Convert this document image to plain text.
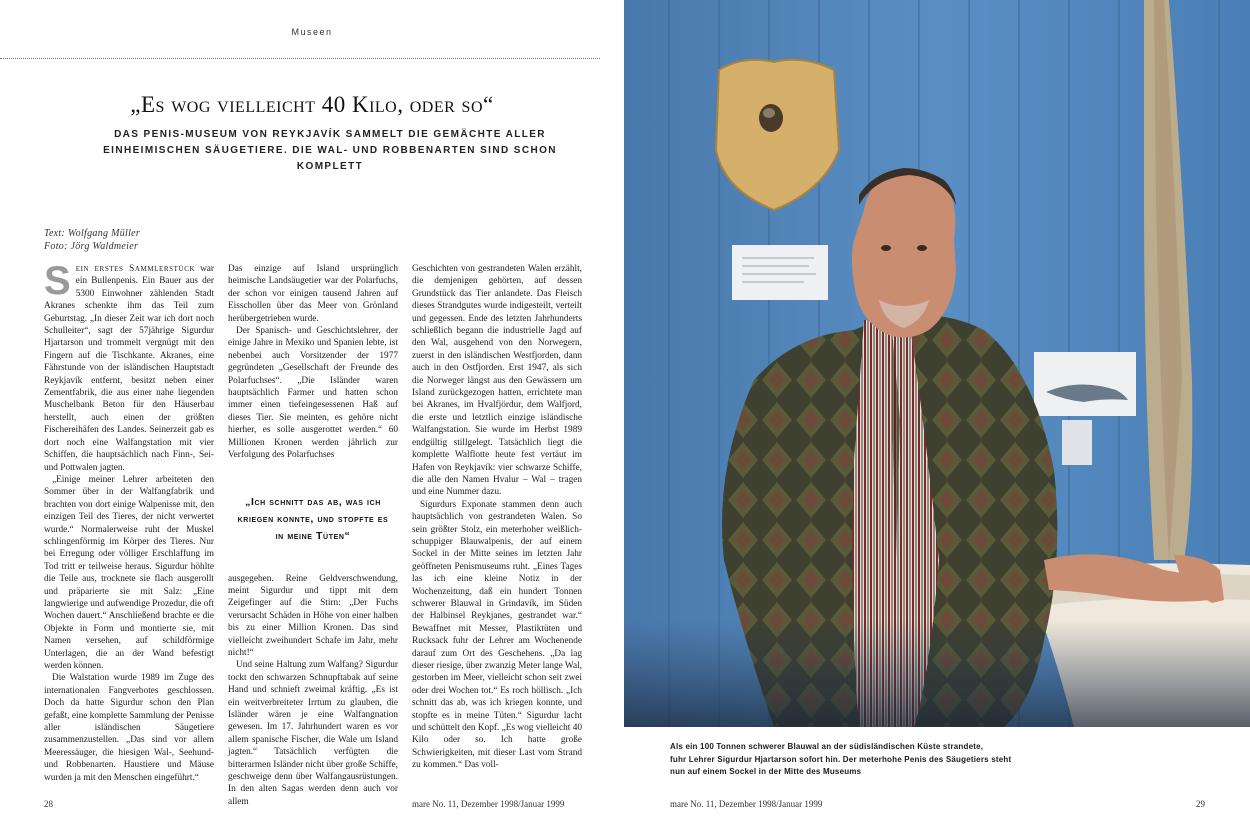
Museen
„Es wog vielleicht 40 Kilo, oder so“
DAS PENIS-MUSEUM VON REYKJAVÍK SAMMELT DIE GEMÄCHTE ALLER EINHEIMISCHEN SÄUGETIERE. DIE WAL- UND ROBBENARTEN SIND SCHON KOMPLETT
Text: Wolfgang Müller
Foto: Jörg Waldmeier

Sein erstes Sammlerstück war ein Bullenpenis. Ein Bauer aus der 5300 Einwohner zählenden Stadt Akranes schenkte ihm das Teil zum Geburtstag. „In dieser Zeit war ich dort noch Schulleiter“, sagt der 57jährige Sigurdur Hjartarson und trommelt vergnügt mit den Fingern auf die Tischkante. Akranes, eine Fährstunde von der isländischen Hauptstadt Reykjavík entfernt, besitzt neben einer Zementfabrik, die aus einer nahe liegenden Muschelbank Beton für den Häuserbau herstellt, auch einen der größten Fischereihäfen des Landes. Seinerzeit gab es dort noch eine Walfangstation mit vier Schiffen, die hauptsächlich nach Finn-, Sei- und Pottwalen jagten.

„Einige meiner Lehrer arbeiteten den Sommer über in der Walfangfabrik und brachten von dort einige Walpenisse mit, den einzigen Teil des Tieres, der nicht verwertet wurde.“ Normalerweise ruht der Muskel schlingenförmig im Körper des Tieres. Nur bei Erregung oder völliger Erschlaffung im Tod tritt er teilweise heraus. Sigurdur höhlte die Teile aus, trocknete sie flach ausgerollt und präparierte sie mit Salz: „Eine langwierige und aufwendige Prozedur, die oft Wochen dauert.“ Anschließend brachte er die Objekte in Form und montierte sie, mit Namen versehen, auf schildförmige Unterlagen, die an der Wand befestigt werden können.

Die Walstation wurde 1989 im Zuge des internationalen Fangverbotes geschlossen. Doch da hatte Sigurdur schon den Plan gefaßt, eine komplette Sammlung der Penisse aller isländischen Säugetiere zusammenzustellen. „Das sind vor allem Meeressäuger, die hiesigen Wal-, Seehund- und Robbenarten. Haustiere und Mäuse wurden ja mit den Menschen eingeführt.“

Das einzige auf Island ursprünglich heimische Landsäugetier war der Polarfuchs, der schon vor einigen tausend Jahren auf Eisschollen über das Meer von Grönland herübergetrieben wurde.

Der Spanisch- und Geschichtslehrer, der einige Jahre in Mexiko und Spanien lebte, ist nebenbei auch Vorsitzender der 1977 gegründeten „Gesellschaft der Freunde des Polarfuchses“. „Die Isländer waren hauptsächlich Farmer und hatten schon immer einen tiefeingesessenen Haß auf dieses Tier. Sie meinten, es gehöre nicht hierher, es solle ausgerottet werden.“ 60 Millionen Kronen werden jährlich zur Verfolgung des Polarfuchses

„Ich schnitt das ab, was ich kriegen konnte, und stopfte es in meine Tüten“

ausgegeben. Reine Geldverschwendung, meint Sigurdur und tippt mit dem Zeigefinger auf die Stirn: „Der Fuchs verursacht Schäden in Höhe von einer halben bis zu einer Million Kronen. Das sind vielleicht zweihundert Schafe im Jahr, mehr nicht!“

Und seine Haltung zum Walfang? Sigurdur tockt den schwarzen Schnupftabak auf seine Hand und schnieft zweimal kräftig. „Es ist ein weitverbreiteter Irrtum zu glauben, die Isländer wären je eine Walfangnation gewesen. Im 17. Jahrhundert waren es vor allem spanische Fischer, die Wale um Island jagten.“ Tatsächlich verfügten die bitterarmen Isländer nicht über große Schiffe, geschweige denn über Walfangausrüstungen. In den alten Sagas werden denn auch vor allem

Geschichten von gestrandeten Walen erzählt, die demjenigen gehörten, auf dessen Grundstück das Tier anlandete. Das Fleisch dieses Strandgutes wurde indigesteilt, verteilt und gegessen. Ende des letzten Jahrhunderts schließlich begann die industrielle Jagd auf den Wal, ausgehend von den Norwegern, zuerst in den isländischen Westfjorden, dann auch in den Ostfjorden. Erst 1947, als sich die Norweger längst aus den Gewässern um Island zurückgezogen hatten, errichtete man bei Akranes, im Hvalfjördur, dem Walfjord, die erste und letztlich einzige isländische Walfangstation. Sie wurde im Herbst 1989 endgültig stillgelegt. Tatsächlich liegt die komplette Walflotte heute fest vertäut im Hafen von Reykjavík: vier schwarze Schiffe, die alle den Namen Hvalur – Wal – tragen und eine Nummer dazu.

Sigurdurs Exponate stammen denn auch hauptsächlich von gestrandeten Walen. So sein größter Stolz, ein meterhoher weißlich-schuppiger Blauwalpenis, der auf einem Sockel in der Mitte seines im letzten Jahr geöffneten Penismuseums ruht. „Eines Tages las ich eine kleine Notiz in der Wochenzeitung, daß ein hundert Tonnen schwerer Blauwal in Grindavík, im Süden der Halbinsel Reykjanes, gestrandet war.“ Bewaffnet mit Messer, Plastiktüten und Rucksack fuhr der Lehrer am Wochenende darauf zum Ort des Geschehens. „Da lag dieser riesige, über zwanzig Meter lange Wal, gestorben im Meer, vielleicht schon seit zwei oder drei Wochen tot.“ Es roch höllisch. „Ich schnitt das ab, was ich kriegen konnte, und stopfte es in meine Tüten.“ Sigurdur lacht und schüttelt den Kopf. „Es wog vielleicht 40 Kilo oder so. Ich hatte große Schwierigkeiten, mit dieser Last vom Strand zu kommen.“ Das voll-

28	mare No. 11, Dezember 1998/Januar 1999
Als ein 100 Tonnen schwerer Blauwal an der südisländischen Küste strandete,
fuhr Lehrer Sigurdur Hjartarson sofort hin. Der meterhohe Penis des Säugetiers steht
nun auf einem Sockel in der Mitte des Museums
mare No. 11, Dezember 1998/Januar 1999	29
